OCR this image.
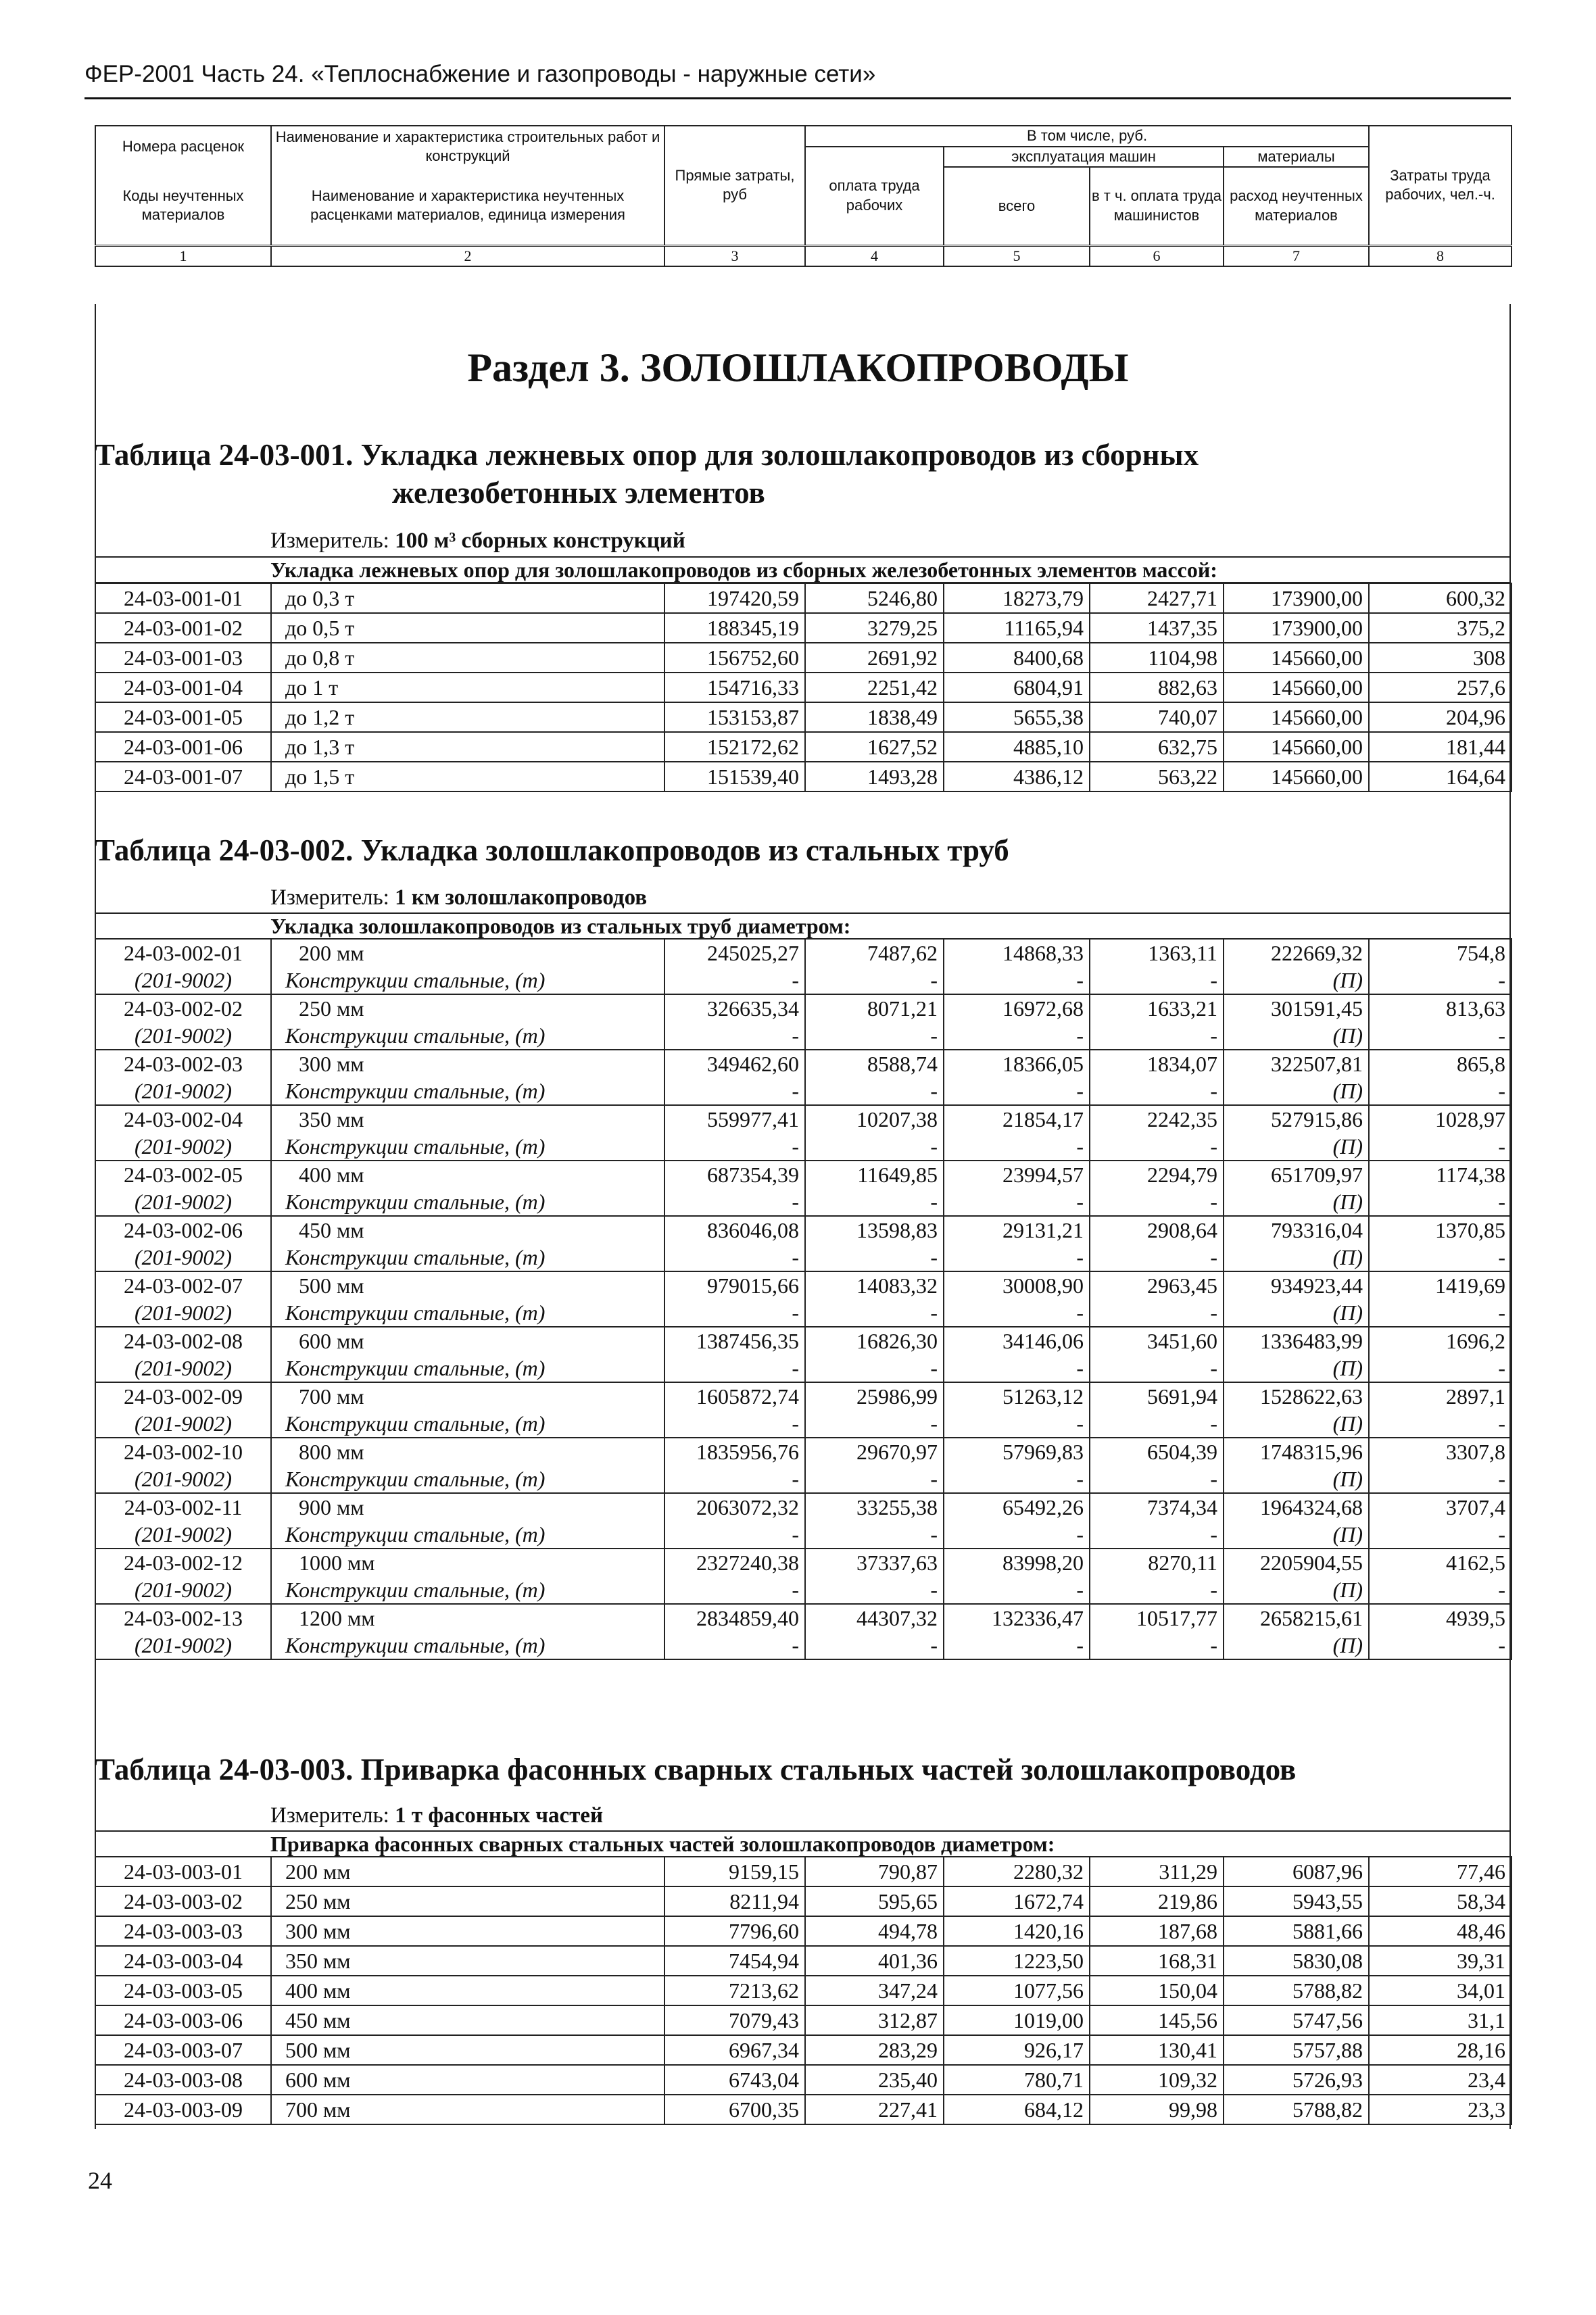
ФЕР-2001 Часть 24. «Теплоснабжение и газопроводы - наружные сети»
Номера расценок	Наименование и характеристика строительных работ и конструкций	Прямые затраты, руб	В том числе, руб.				Затраты труда рабочих, чел.-ч.
			оплата труда рабочих	эксплуатация машин		материалы	
Коды неучтенных материалов	Наименование и характеристика неучтенных расценками материалов, единица измерения			всего	в т ч. оплата труда машинистов	расход неучтенных материалов	

1	2	3	4	5	6	7	8
Раздел 3. ЗОЛОШЛАКОПРОВОДЫ
Таблица 24-03-001. Укладка лежневых опор для золошлакопроводов из сборных
железобетонных элементов
Измеритель: 100 м³ сборных конструкций
Укладка лежневых опор для золошлакопроводов из сборных железобетонных элементов массой:
24-03-001-01	до 0,3 т	197420,59	5246,80	18273,79	2427,71	173900,00	600,32
24-03-001-02	до 0,5 т	188345,19	3279,25	11165,94	1437,35	173900,00	375,2
24-03-001-03	до 0,8 т	156752,60	2691,92	8400,68	1104,98	145660,00	308
24-03-001-04	до 1 т	154716,33	2251,42	6804,91	882,63	145660,00	257,6
24-03-001-05	до 1,2 т	153153,87	1838,49	5655,38	740,07	145660,00	204,96
24-03-001-06	до 1,3 т	152172,62	1627,52	4885,10	632,75	145660,00	181,44
24-03-001-07	до 1,5 т	151539,40	1493,28	4386,12	563,22	145660,00	164,64
Таблица 24-03-002. Укладка золошлакопроводов из стальных труб
Измеритель: 1 км золошлакопроводов
Укладка золошлакопроводов из стальных труб диаметром:
24-03-002-01	200 мм	245025,27	7487,62	14868,33	1363,11	222669,32	754,8
(201-9002)	Конструкции стальные, (т)	-	-	-	-	(П)	-
24-03-002-02	250 мм	326635,34	8071,21	16972,68	1633,21	301591,45	813,63
(201-9002)	Конструкции стальные, (т)	-	-	-	-	(П)	-
24-03-002-03	300 мм	349462,60	8588,74	18366,05	1834,07	322507,81	865,8
(201-9002)	Конструкции стальные, (т)	-	-	-	-	(П)	-
24-03-002-04	350 мм	559977,41	10207,38	21854,17	2242,35	527915,86	1028,97
(201-9002)	Конструкции стальные, (т)	-	-	-	-	(П)	-
24-03-002-05	400 мм	687354,39	11649,85	23994,57	2294,79	651709,97	1174,38
(201-9002)	Конструкции стальные, (т)	-	-	-	-	(П)	-
24-03-002-06	450 мм	836046,08	13598,83	29131,21	2908,64	793316,04	1370,85
(201-9002)	Конструкции стальные, (т)	-	-	-	-	(П)	-
24-03-002-07	500 мм	979015,66	14083,32	30008,90	2963,45	934923,44	1419,69
(201-9002)	Конструкции стальные, (т)	-	-	-	-	(П)	-
24-03-002-08	600 мм	1387456,35	16826,30	34146,06	3451,60	1336483,99	1696,2
(201-9002)	Конструкции стальные, (т)	-	-	-	-	(П)	-
24-03-002-09	700 мм	1605872,74	25986,99	51263,12	5691,94	1528622,63	2897,1
(201-9002)	Конструкции стальные, (т)	-	-	-	-	(П)	-
24-03-002-10	800 мм	1835956,76	29670,97	57969,83	6504,39	1748315,96	3307,8
(201-9002)	Конструкции стальные, (т)	-	-	-	-	(П)	-
24-03-002-11	900 мм	2063072,32	33255,38	65492,26	7374,34	1964324,68	3707,4
(201-9002)	Конструкции стальные, (т)	-	-	-	-	(П)	-
24-03-002-12	1000 мм	2327240,38	37337,63	83998,20	8270,11	2205904,55	4162,5
(201-9002)	Конструкции стальные, (т)	-	-	-	-	(П)	-
24-03-002-13	1200 мм	2834859,40	44307,32	132336,47	10517,77	2658215,61	4939,5
(201-9002)	Конструкции стальные, (т)	-	-	-	-	(П)	-
Таблица 24-03-003. Приварка фасонных сварных стальных частей золошлакопроводов
Измеритель: 1 т фасонных частей
Приварка фасонных сварных стальных частей золошлакопроводов диаметром:
24-03-003-01	200 мм	9159,15	790,87	2280,32	311,29	6087,96	77,46
24-03-003-02	250 мм	8211,94	595,65	1672,74	219,86	5943,55	58,34
24-03-003-03	300 мм	7796,60	494,78	1420,16	187,68	5881,66	48,46
24-03-003-04	350 мм	7454,94	401,36	1223,50	168,31	5830,08	39,31
24-03-003-05	400 мм	7213,62	347,24	1077,56	150,04	5788,82	34,01
24-03-003-06	450 мм	7079,43	312,87	1019,00	145,56	5747,56	31,1
24-03-003-07	500 мм	6967,34	283,29	926,17	130,41	5757,88	28,16
24-03-003-08	600 мм	6743,04	235,40	780,71	109,32	5726,93	23,4
24-03-003-09	700 мм	6700,35	227,41	684,12	99,98	5788,82	23,3
24
